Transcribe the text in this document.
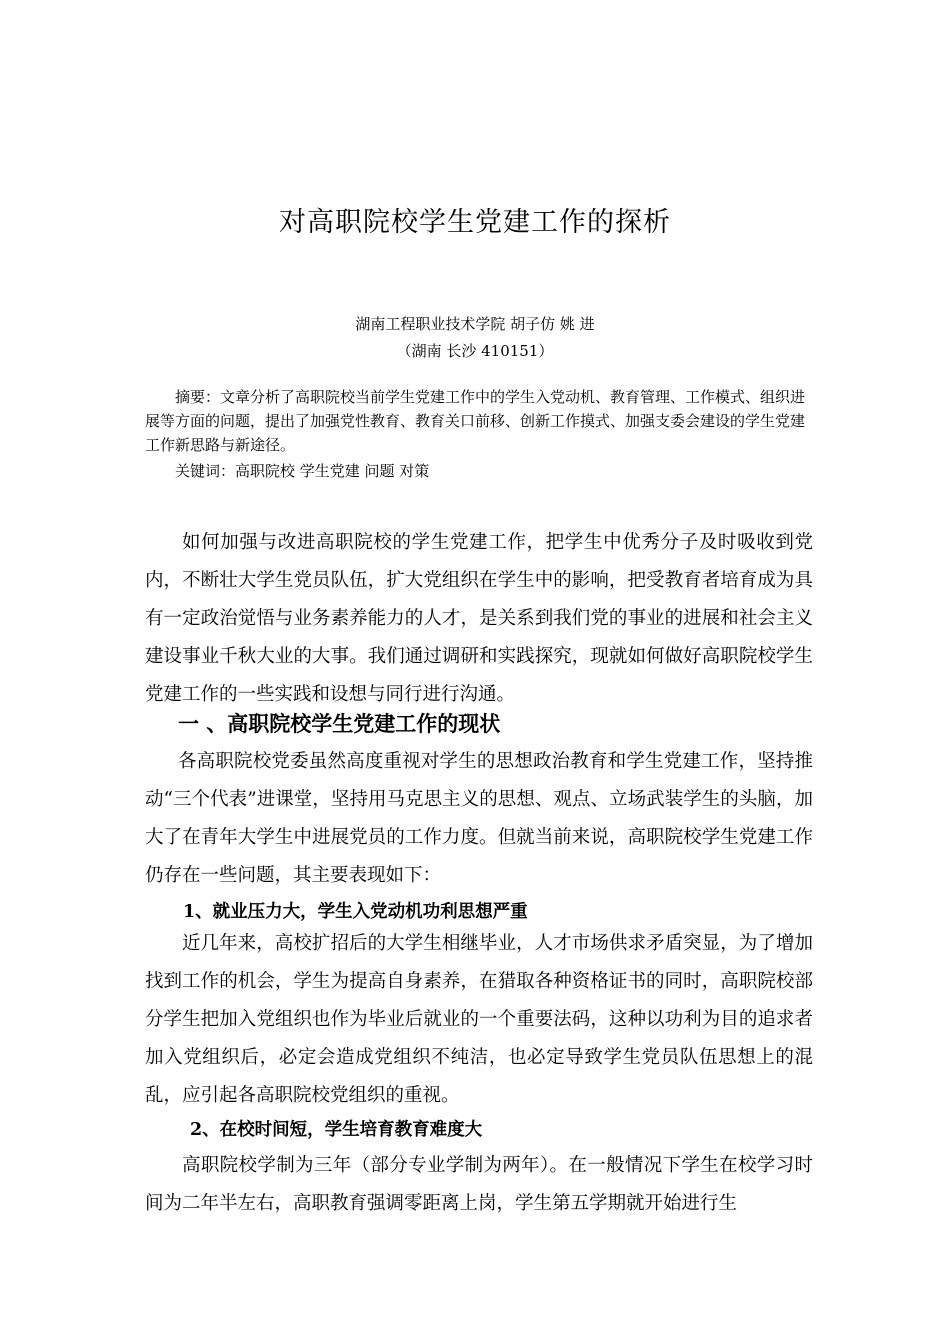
对高职院校学生党建工作的探析
湖南工程职业技术学院 胡子仿 姚 进
（湖南 长沙 410151）

摘要：文章分析了高职院校当前学生党建工作中的学生入党动机、教育管理、工作模式、组织进展等方面的问题，提出了加强党性教育、教育关口前移、创新工作摸式、加强支委会建设的学生党建工作新思路与新途径。

关键词：高职院校 学生党建 问题 对策

如何加强与改进高职院校的学生党建工作，把学生中优秀分子及时吸收到党内，不断壮大学生党员队伍，扩大党组织在学生中的影响，把受教育者培育成为具有一定政治觉悟与业务素养能力的人才，是关系到我们党的事业的进展和社会主义建设事业千秋大业的大事。我们通过调研和实践探究，现就如何做好高职院校学生党建工作的一些实践和设想与同行进行沟通。

一 、高职院校学生党建工作的现状

各高职院校党委虽然高度重视对学生的思想政治教育和学生党建工作，坚持推动“三个代表”进课堂，坚持用马克思主义的思想、观点、立场武装学生的头脑，加大了在青年大学生中进展党员的工作力度。但就当前来说，高职院校学生党建工作仍存在一些问题，其主要表现如下：

1、就业压力大，学生入党动机功利思想严重

近几年来，高校扩招后的大学生相继毕业，人才市场供求矛盾突显，为了增加找到工作的机会，学生为提高自身素养，在猎取各种资格证书的同时，高职院校部分学生把加入党组织也作为毕业后就业的一个重要法码，这种以功利为目的追求者加入党组织后，必定会造成党组织不纯洁，也必定导致学生党员队伍思想上的混乱，应引起各高职院校党组织的重视。

2、在校时间短，学生培育教育难度大

高职院校学制为三年（部分专业学制为两年）。在一般情况下学生在校学习时间为二年半左右，高职教育强调零距离上岗，学生第五学期就开始进行生
